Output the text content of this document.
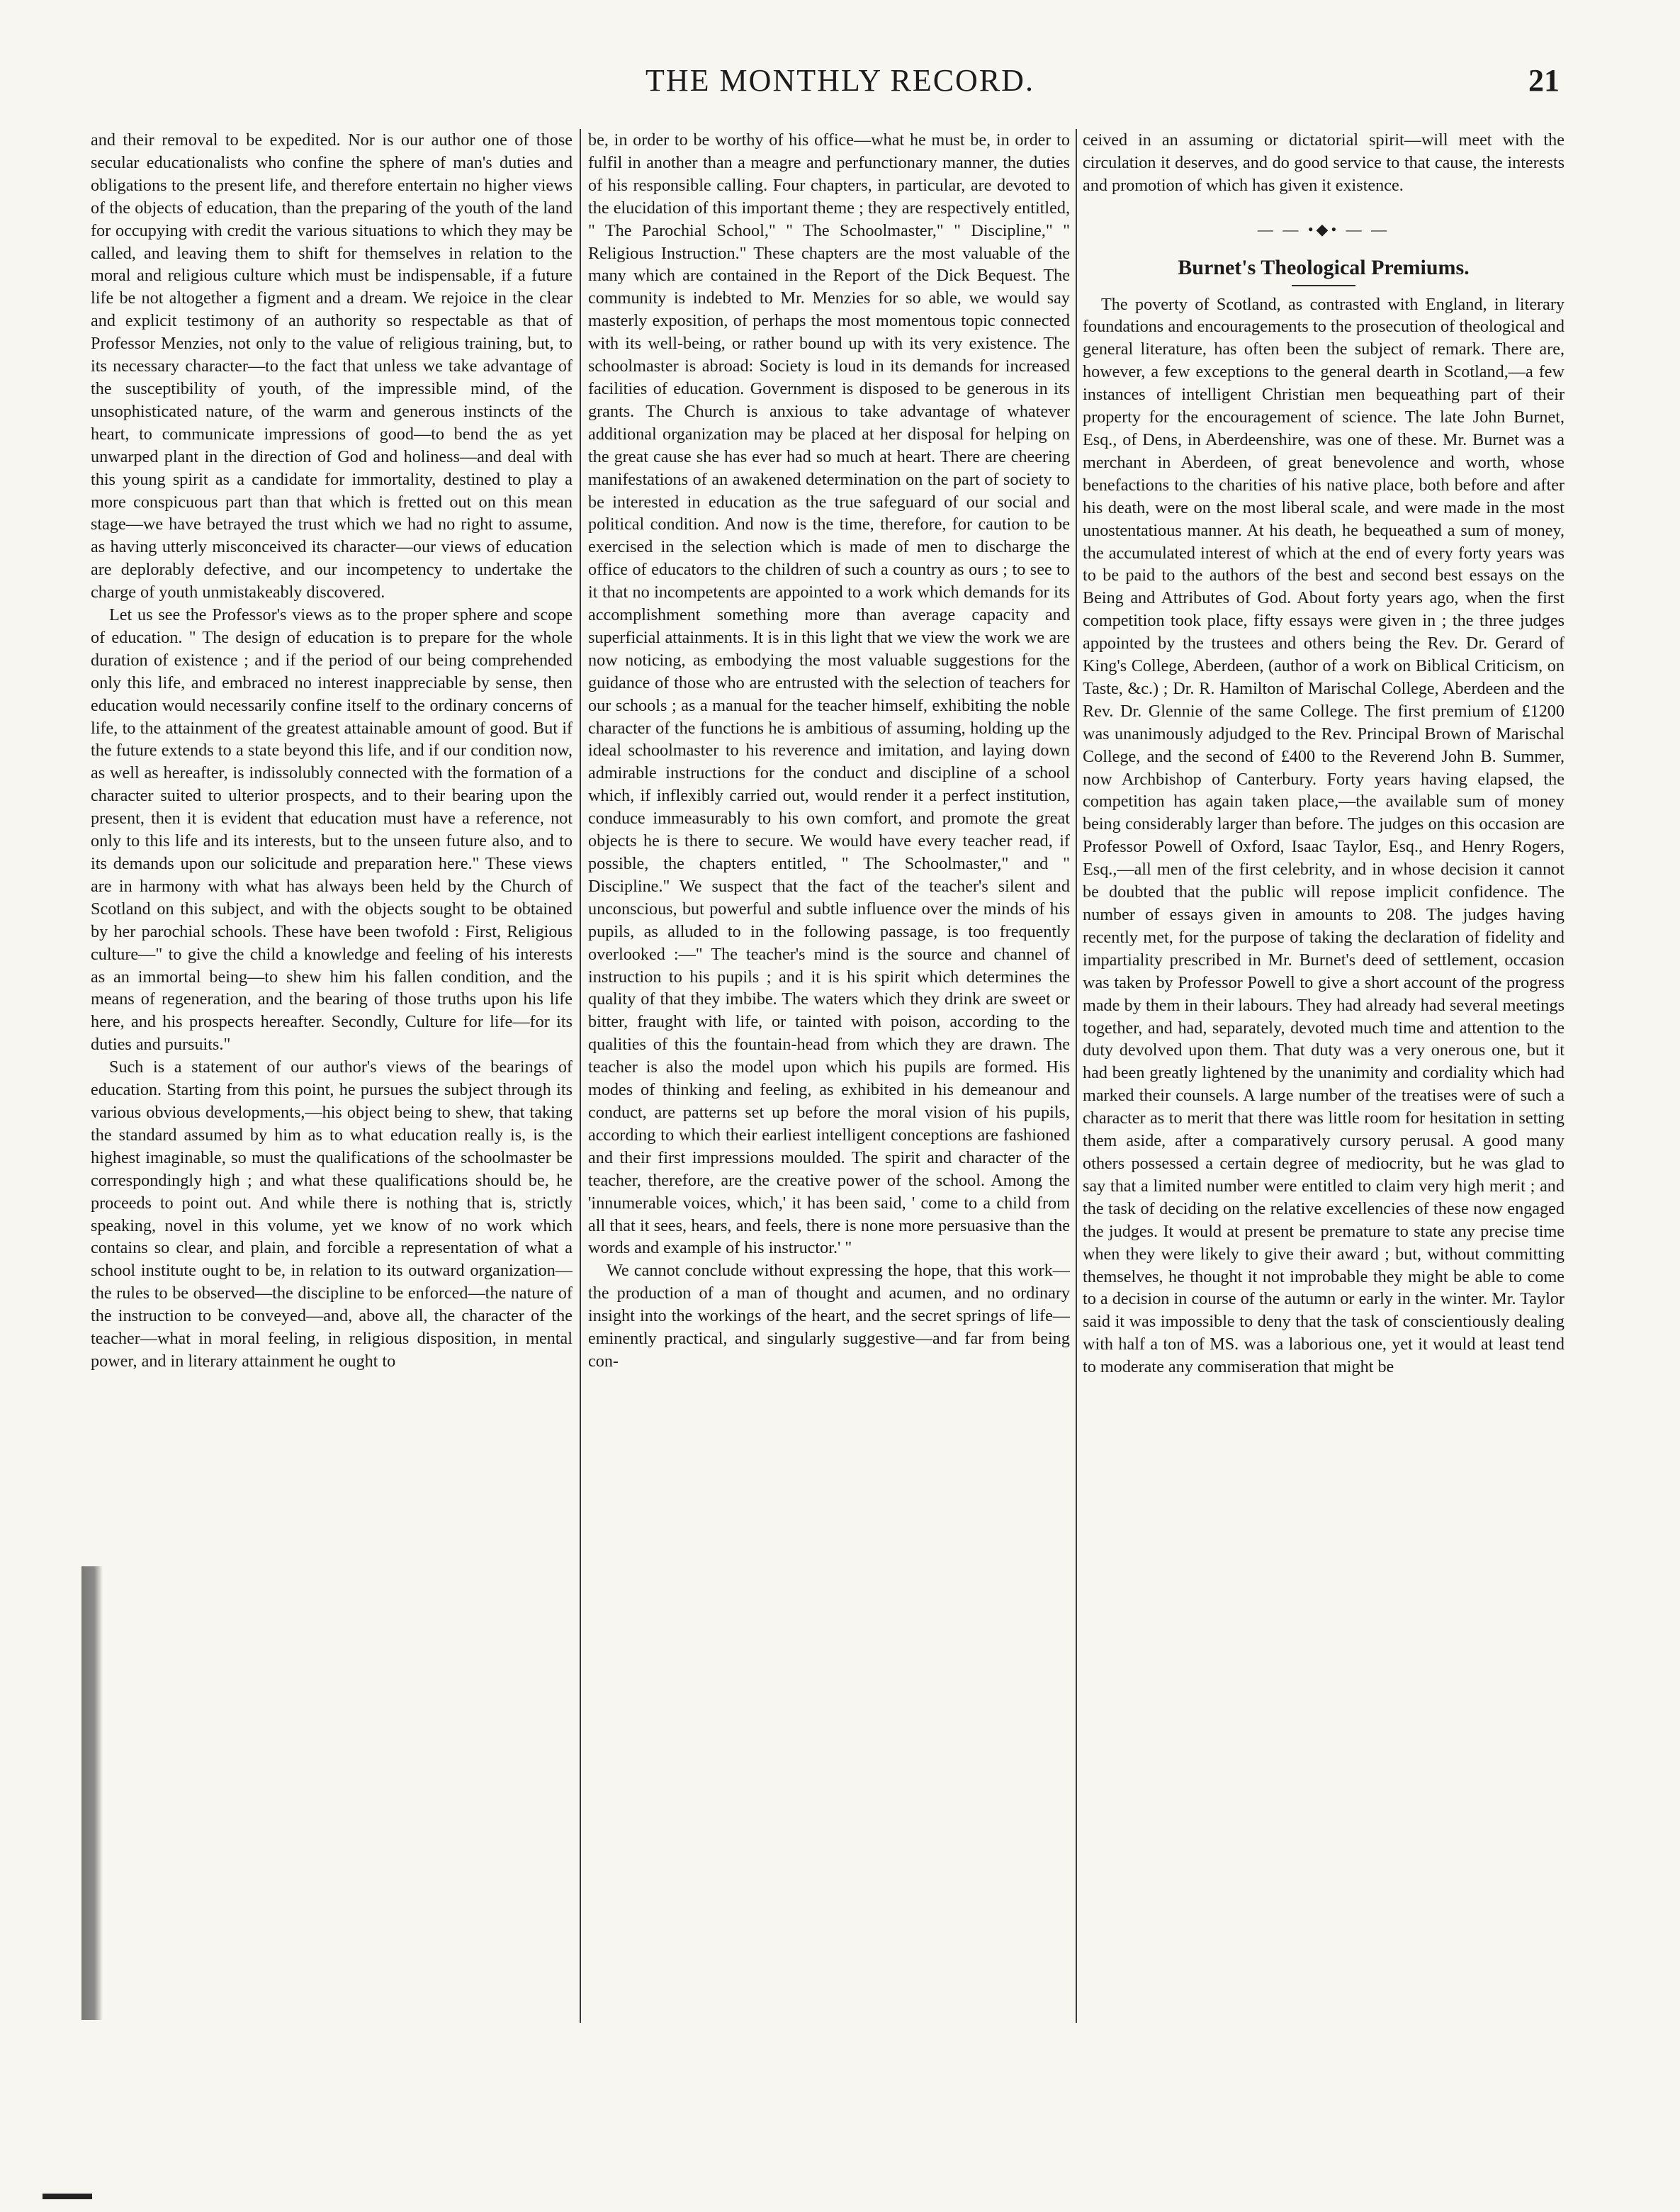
THE MONTHLY RECORD.	21

and their removal to be expedited. Nor is our author one of those secular educationalists who confine the sphere of man's duties and obligations to the present life, and therefore entertain no higher views of the objects of education, than the preparing of the youth of the land for occupying with credit the various situations to which they may be called, and leaving them to shift for themselves in relation to the moral and religious culture which must be indispensable, if a future life be not altogether a figment and a dream. We rejoice in the clear and explicit testimony of an authority so respectable as that of Professor Menzies, not only to the value of religious training, but, to its necessary character—to the fact that unless we take advantage of the susceptibility of youth, of the impressible mind, of the unsophisticated nature, of the warm and generous instincts of the heart, to communicate impressions of good—to bend the as yet unwarped plant in the direction of God and holiness—and deal with this young spirit as a candidate for immortality, destined to play a more conspicuous part than that which is fretted out on this mean stage—we have betrayed the trust which we had no right to assume, as having utterly misconceived its character—our views of education are deplorably defective, and our incompetency to undertake the charge of youth unmistakeably discovered.

Let us see the Professor's views as to the proper sphere and scope of education. " The design of education is to prepare for the whole duration of existence ; and if the period of our being comprehended only this life, and embraced no interest inappreciable by sense, then education would necessarily confine itself to the ordinary concerns of life, to the attainment of the greatest attainable amount of good. But if the future extends to a state beyond this life, and if our condition now, as well as hereafter, is indissolubly connected with the formation of a character suited to ulterior prospects, and to their bearing upon the present, then it is evident that education must have a reference, not only to this life and its interests, but to the unseen future also, and to its demands upon our solicitude and preparation here." These views are in harmony with what has always been held by the Church of Scotland on this subject, and with the objects sought to be obtained by her parochial schools. These have been twofold : First, Religious culture—" to give the child a knowledge and feeling of his interests as an immortal being—to shew him his fallen condition, and the means of regeneration, and the bearing of those truths upon his life here, and his prospects hereafter. Secondly, Culture for life—for its duties and pursuits."

Such is a statement of our author's views of the bearings of education. Starting from this point, he pursues the subject through its various obvious developments,—his object being to shew, that taking the standard assumed by him as to what education really is, is the highest imaginable, so must the qualifications of the schoolmaster be correspondingly high ; and what these qualifications should be, he proceeds to point out. And while there is nothing that is, strictly speaking, novel in this volume, yet we know of no work which contains so clear, and plain, and forcible a representation of what a school institute ought to be, in relation to its outward organization—the rules to be observed—the discipline to be enforced—the nature of the instruction to be conveyed—and, above all, the character of the teacher—what in moral feeling, in religious disposition, in mental power, and in literary attainment he ought to

be, in order to be worthy of his office—what he must be, in order to fulfil in another than a meagre and perfunctionary manner, the duties of his responsible calling. Four chapters, in particular, are devoted to the elucidation of this important theme ; they are respectively entitled, " The Parochial School," " The Schoolmaster," " Discipline," " Religious Instruction." These chapters are the most valuable of the many which are contained in the Report of the Dick Bequest. The community is indebted to Mr. Menzies for so able, we would say masterly exposition, of perhaps the most momentous topic connected with its well-being, or rather bound up with its very existence. The schoolmaster is abroad: Society is loud in its demands for increased facilities of education. Government is disposed to be generous in its grants. The Church is anxious to take advantage of whatever additional organization may be placed at her disposal for helping on the great cause she has ever had so much at heart. There are cheering manifestations of an awakened determination on the part of society to be interested in education as the true safeguard of our social and political condition. And now is the time, therefore, for caution to be exercised in the selection which is made of men to discharge the office of educators to the children of such a country as ours ; to see to it that no incompetents are appointed to a work which demands for its accomplishment something more than average capacity and superficial attainments. It is in this light that we view the work we are now noticing, as embodying the most valuable suggestions for the guidance of those who are entrusted with the selection of teachers for our schools ; as a manual for the teacher himself, exhibiting the noble character of the functions he is ambitious of assuming, holding up the ideal schoolmaster to his reverence and imitation, and laying down admirable instructions for the conduct and discipline of a school which, if inflexibly carried out, would render it a perfect institution, conduce immeasurably to his own comfort, and promote the great objects he is there to secure. We would have every teacher read, if possible, the chapters entitled, " The Schoolmaster," and " Discipline." We suspect that the fact of the teacher's silent and unconscious, but powerful and subtle influence over the minds of his pupils, as alluded to in the following passage, is too frequently overlooked :—" The teacher's mind is the source and channel of instruction to his pupils ; and it is his spirit which determines the quality of that they imbibe. The waters which they drink are sweet or bitter, fraught with life, or tainted with poison, according to the qualities of this the fountain-head from which they are drawn. The teacher is also the model upon which his pupils are formed. His modes of thinking and feeling, as exhibited in his demeanour and conduct, are patterns set up before the moral vision of his pupils, according to which their earliest intelligent conceptions are fashioned and their first impressions moulded. The spirit and character of the teacher, therefore, are the creative power of the school. Among the 'innumerable voices, which,' it has been said, ' come to a child from all that it sees, hears, and feels, there is none more persuasive than the words and example of his instructor.' "

We cannot conclude without expressing the hope, that this work—the production of a man of thought and acumen, and no ordinary insight into the workings of the heart, and the secret springs of life—eminently practical, and singularly suggestive—and far from being con-

ceived in an assuming or dictatorial spirit—will meet with the circulation it deserves, and do good service to that cause, the interests and promotion of which has given it existence.

— — •◆• — —
Burnet's Theological Premiums.

The poverty of Scotland, as contrasted with England, in literary foundations and encouragements to the prosecution of theological and general literature, has often been the subject of remark. There are, however, a few exceptions to the general dearth in Scotland,—a few instances of intelligent Christian men bequeathing part of their property for the encouragement of science. The late John Burnet, Esq., of Dens, in Aberdeenshire, was one of these. Mr. Burnet was a merchant in Aberdeen, of great benevolence and worth, whose benefactions to the charities of his native place, both before and after his death, were on the most liberal scale, and were made in the most unostentatious manner. At his death, he bequeathed a sum of money, the accumulated interest of which at the end of every forty years was to be paid to the authors of the best and second best essays on the Being and Attributes of God. About forty years ago, when the first competition took place, fifty essays were given in ; the three judges appointed by the trustees and others being the Rev. Dr. Gerard of King's College, Aberdeen, (author of a work on Biblical Criticism, on Taste, &c.) ; Dr. R. Hamilton of Marischal College, Aberdeen and the Rev. Dr. Glennie of the same College. The first premium of £1200 was unanimously adjudged to the Rev. Principal Brown of Marischal College, and the second of £400 to the Reverend John B. Summer, now Archbishop of Canterbury. Forty years having elapsed, the competition has again taken place,—the available sum of money being considerably larger than before. The judges on this occasion are Professor Powell of Oxford, Isaac Taylor, Esq., and Henry Rogers, Esq.,—all men of the first celebrity, and in whose decision it cannot be doubted that the public will repose implicit confidence. The number of essays given in amounts to 208. The judges having recently met, for the purpose of taking the declaration of fidelity and impartiality prescribed in Mr. Burnet's deed of settlement, occasion was taken by Professor Powell to give a short account of the progress made by them in their labours. They had already had several meetings together, and had, separately, devoted much time and attention to the duty devolved upon them. That duty was a very onerous one, but it had been greatly lightened by the unanimity and cordiality which had marked their counsels. A large number of the treatises were of such a character as to merit that there was little room for hesitation in setting them aside, after a comparatively cursory perusal. A good many others possessed a certain degree of mediocrity, but he was glad to say that a limited number were entitled to claim very high merit ; and the task of deciding on the relative excellencies of these now engaged the judges. It would at present be premature to state any precise time when they were likely to give their award ; but, without committing themselves, he thought it not improbable they might be able to come to a decision in course of the autumn or early in the winter. Mr. Taylor said it was impossible to deny that the task of conscientiously dealing with half a ton of MS. was a laborious one, yet it would at least tend to moderate any commiseration that might be
